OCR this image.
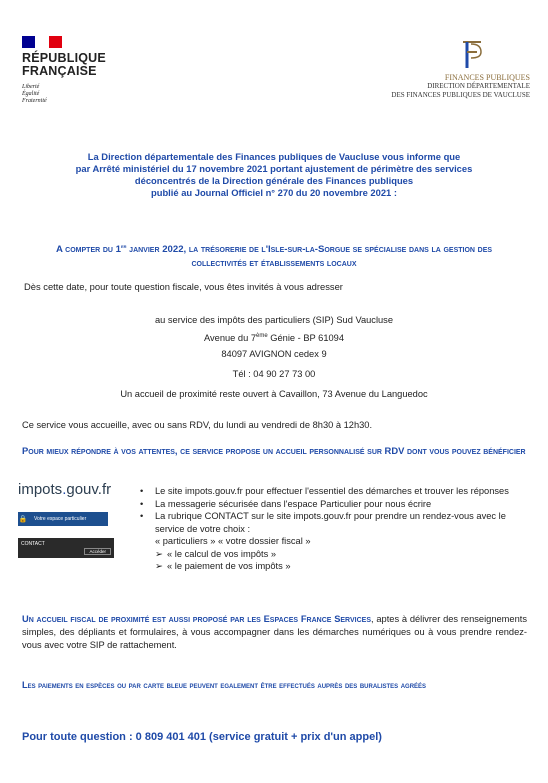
RÉPUBLIQUE
FRANÇAISE
Liberté
Égalité
Fraternité
FINANCES PUBLIQUES
DIRECTION DÉPARTEMENTALE
DES FINANCES PUBLIQUES DE VAUCLUSE
La Direction départementale des Finances publiques de Vaucluse vous informe que
par Arrêté ministériel du 17 novembre 2021 portant ajustement de périmètre des services
déconcentrés de la Direction générale des Finances publiques
publié au Journal Officiel n° 270 du 20 novembre 2021 :
A compter du 1er janvier 2022, la trésorerie de l'Isle-sur-la-Sorgue se spécialise dans la gestion des collectivités et établissements locaux
Dès cette date, pour toute question fiscale, vous êtes invités à vous adresser
au service des impôts des particuliers (SIP) Sud Vaucluse
Avenue du 7ème Génie - BP 61094
84097 AVIGNON cedex 9
Tél : 04 90 27 73 00
Un accueil de proximité reste ouvert à Cavaillon, 73 Avenue du Languedoc
Ce service vous accueille, avec ou sans RDV, du lundi au vendredi de 8h30 à 12h30.
Pour mieux répondre à vos attentes, ce service propose un accueil personnalisé sur RDV dont vous pouvez bénéficier
impots.gouv.fr
🔒	Votre espace particulier
CONTACT
Accéder
•	Le site impots.gouv.fr pour effectuer l'essentiel des démarches et trouver les réponses
•	La messagerie sécurisée dans l'espace Particulier pour nous écrire
•	La rubrique CONTACT sur le site impots.gouv.fr pour prendre un rendez-vous avec le service de votre choix :
« particuliers » « votre dossier fiscal »
➢ « le calcul de vos impôts »
➢ « le paiement de vos impôts »
Un accueil fiscal de proximité est aussi proposé par les Espaces France Services, aptes à délivrer des renseignements simples, des dépliants et formulaires, à vous accompagner dans les démarches numériques ou à vous prendre rendez-vous avec votre SIP de rattachement.
Les paiements en espèces ou par carte bleue peuvent egalement être effectués auprès des buralistes agréés
Pour toute question : 0 809 401 401 (service gratuit + prix d'un appel)
